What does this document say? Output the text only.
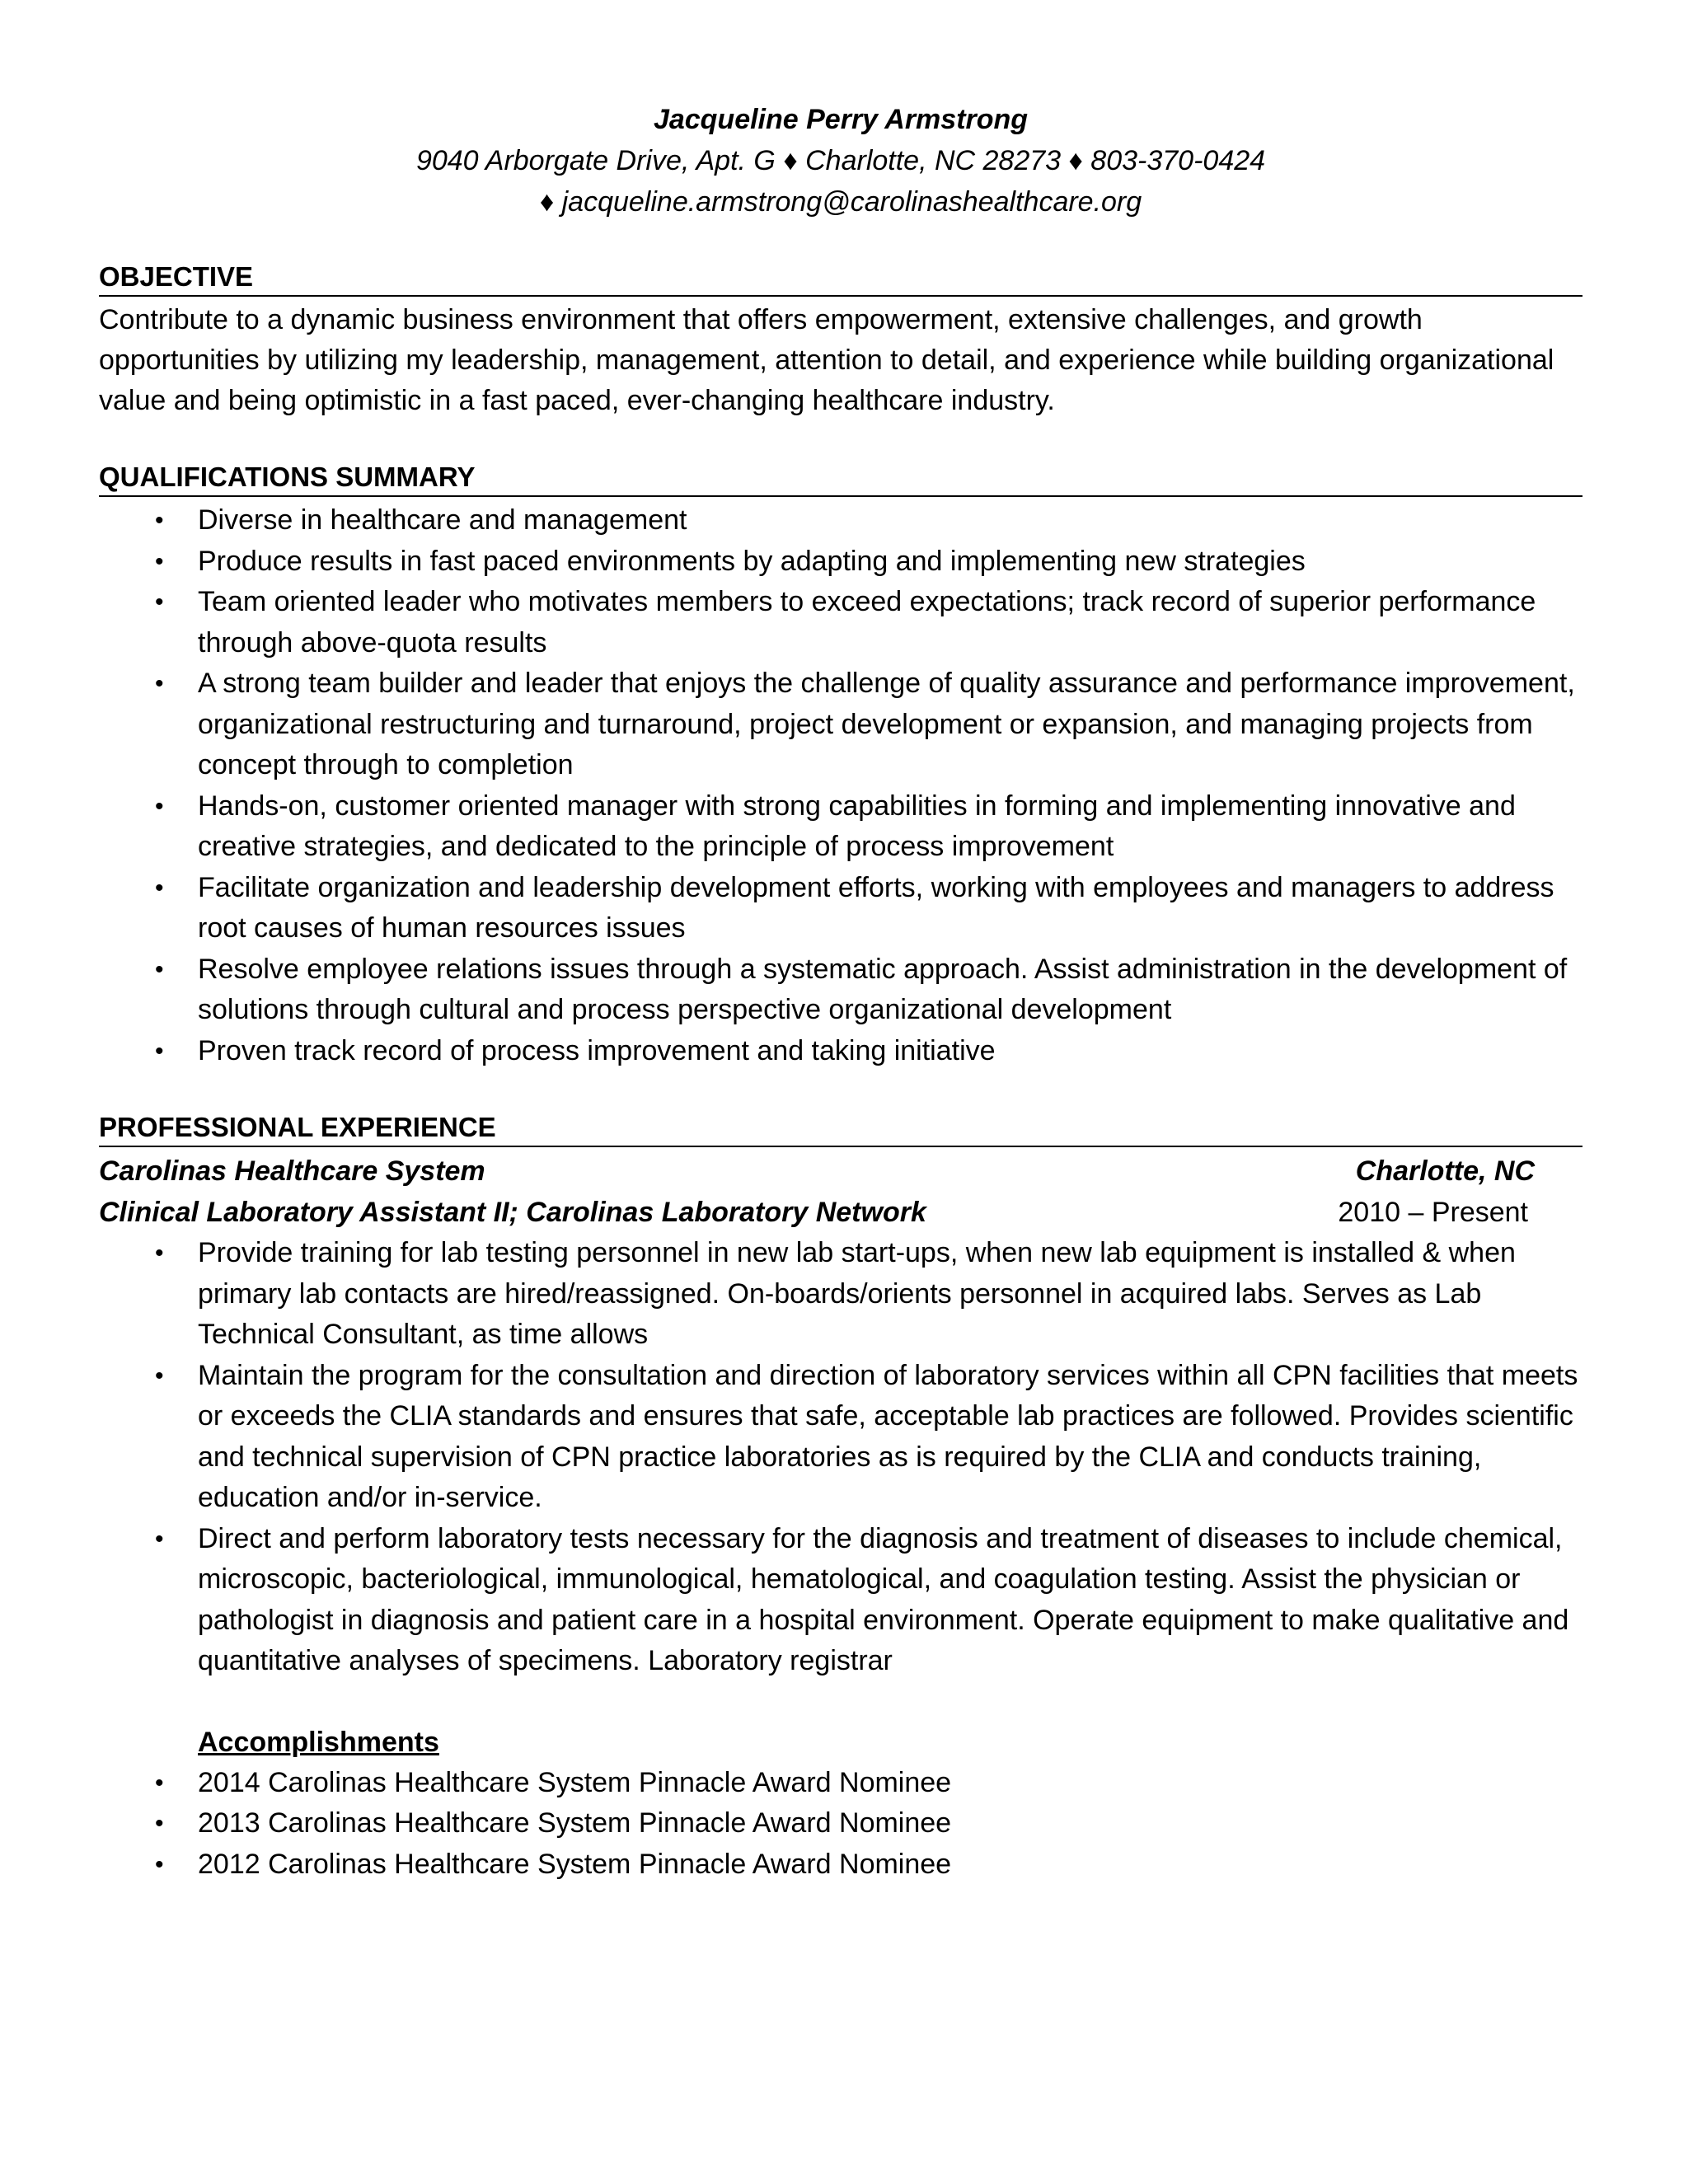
Jacqueline Perry Armstrong
9040 Arborgate Drive, Apt. G ♦ Charlotte, NC 28273 ♦ 803-370-0424
♦ jacqueline.armstrong@carolinashealthcare.org
OBJECTIVE

Contribute to a dynamic business environment that offers empowerment, extensive challenges, and growth opportunities by utilizing my leadership, management, attention to detail, and experience while building organizational value and being optimistic in a fast paced, ever-changing healthcare industry.

QUALIFICATIONS SUMMARY
• Diverse in healthcare and management
• Produce results in fast paced environments by adapting and implementing new strategies
• Team oriented leader who motivates members to exceed expectations; track record of superior performance through above-quota results
• A strong team builder and leader that enjoys the challenge of quality assurance and performance improvement, organizational restructuring and turnaround, project development or expansion, and managing projects from concept through to completion
• Hands-on, customer oriented manager with strong capabilities in forming and implementing innovative and creative strategies, and dedicated to the principle of process improvement
• Facilitate organization and leadership development efforts, working with employees and managers to address root causes of human resources issues
• Resolve employee relations issues through a systematic approach. Assist administration in the development of solutions through cultural and process perspective organizational development
• Proven track record of process improvement and taking initiative
PROFESSIONAL EXPERIENCE
Carolinas Healthcare System	Charlotte, NC
Clinical Laboratory Assistant II; Carolinas Laboratory Network	2010 – Present
• Provide training for lab testing personnel in new lab start-ups, when new lab equipment is installed & when primary lab contacts are hired/reassigned. On-boards/orients personnel in acquired labs. Serves as Lab Technical Consultant, as time allows
• Maintain the program for the consultation and direction of laboratory services within all CPN facilities that meets or exceeds the CLIA standards and ensures that safe, acceptable lab practices are followed. Provides scientific and technical supervision of CPN practice laboratories as is required by the CLIA and conducts training, education and/or in-service.
• Direct and perform laboratory tests necessary for the diagnosis and treatment of diseases to include chemical, microscopic, bacteriological, immunological, hematological, and coagulation testing. Assist the physician or pathologist in diagnosis and patient care in a hospital environment. Operate equipment to make qualitative and quantitative analyses of specimens. Laboratory registrar
Accomplishments
• 2014 Carolinas Healthcare System Pinnacle Award Nominee
• 2013 Carolinas Healthcare System Pinnacle Award Nominee
• 2012 Carolinas Healthcare System Pinnacle Award Nominee
